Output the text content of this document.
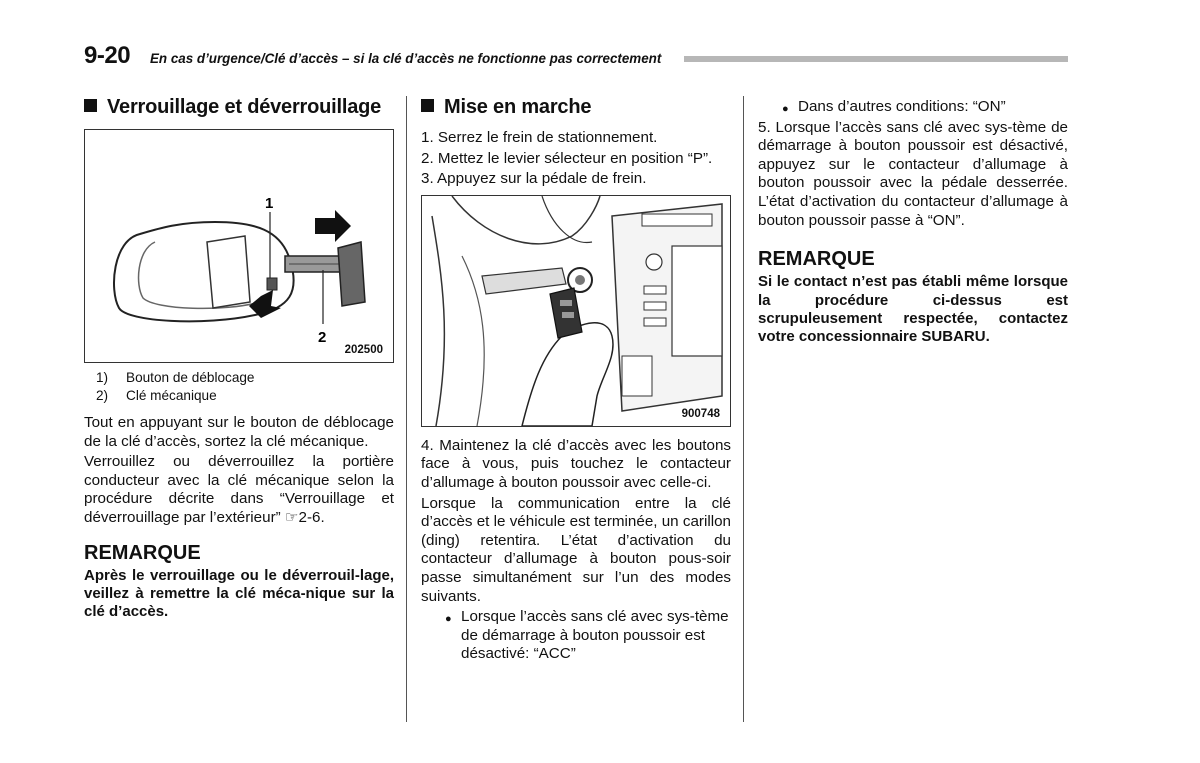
9-20 En cas d’urgence/Clé d’accès – si la clé d’accès ne fonctionne pas correctement
Verrouillage et déverrouillage
1
2
202500
1)	Bouton de déblocage
2)	Clé mécanique
Tout en appuyant sur le bouton de déblocage de la clé d’accès, sortez la clé mécanique.
Verrouillez ou déverrouillez la portière conducteur avec la clé mécanique selon la procédure décrite dans “Verrouillage et déverrouillage par l’extérieur” ☞2-6.
REMARQUE
Après le verrouillage ou le déverrouil-lage, veillez à remettre la clé méca-nique sur la clé d’accès.
Mise en marche
1. Serrez le frein de stationnement.
2. Mettez le levier sélecteur en position “P”.
3. Appuyez sur la pédale de frein.
900748
4. Maintenez la clé d’accès avec les boutons face à vous, puis touchez le contacteur d’allumage à bouton poussoir avec celle-ci.
Lorsque la communication entre la clé d’accès et le véhicule est terminée, un carillon (ding) retentira. L’état d’activation du contacteur d’allumage à bouton pous-soir passe simultanément sur l’un des modes suivants.
● Lorsque l’accès sans clé avec sys-tème de démarrage à bouton poussoir est désactivé: “ACC”
● Dans d’autres conditions: “ON”
5. Lorsque l’accès sans clé avec sys-tème de démarrage à bouton poussoir est désactivé, appuyez sur le contacteur d’allumage à bouton poussoir avec la pédale desserrée. L’état d’activation du contacteur d’allumage à bouton poussoir passe à “ON”.
REMARQUE
Si le contact n’est pas établi même lorsque la procédure ci-dessus est scrupuleusement respectée, contactez votre concessionnaire SUBARU.
